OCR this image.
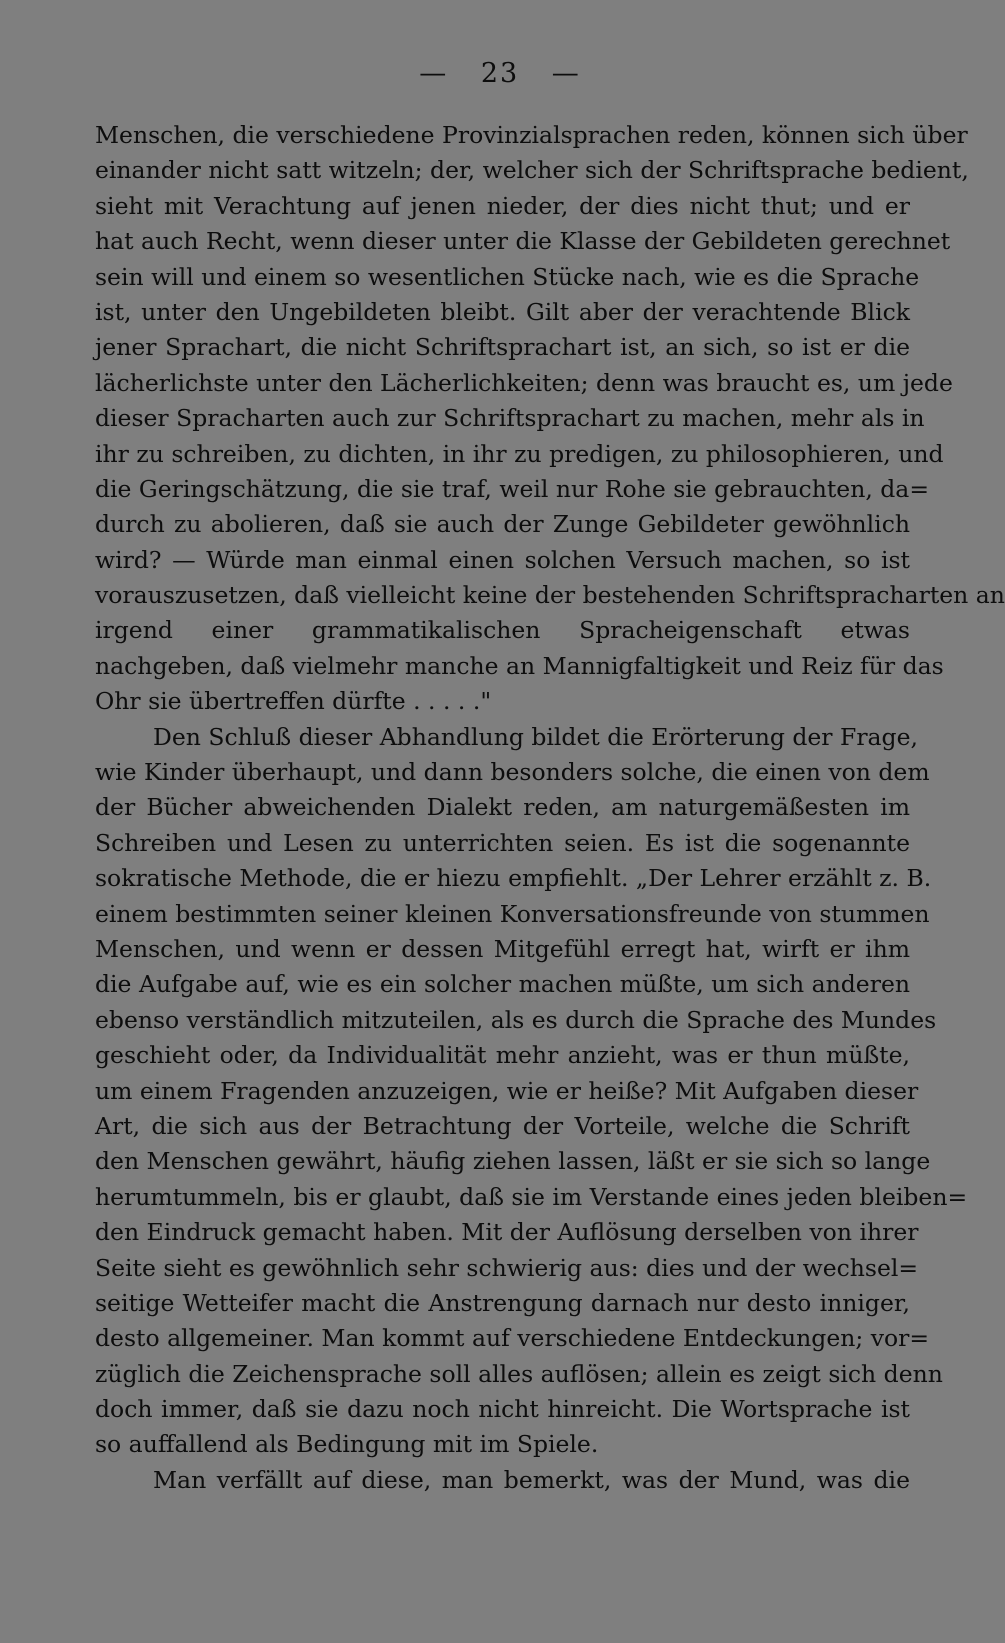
— 23 —
Menschen, die verschiedene Provinzialsprachen reden, können sich über
einander nicht satt witzeln; der, welcher sich der Schriftsprache bedient,
sieht mit Verachtung auf jenen nieder, der dies nicht thut; und er
hat auch Recht, wenn dieser unter die Klasse der Gebildeten gerechnet
sein will und einem so wesentlichen Stücke nach, wie es die Sprache
ist, unter den Ungebildeten bleibt. Gilt aber der verachtende Blick
jener Sprachart, die nicht Schriftsprachart ist, an sich, so ist er die
lächerlichste unter den Lächerlichkeiten; denn was braucht es, um jede
dieser Spracharten auch zur Schriftsprachart zu machen, mehr als in
ihr zu schreiben, zu dichten, in ihr zu predigen, zu philosophieren, und
die Geringschätzung, die sie traf, weil nur Rohe sie gebrauchten, da=
durch zu abolieren, daß sie auch der Zunge Gebildeter gewöhnlich
wird? — Würde man einmal einen solchen Versuch machen, so ist
vorauszusetzen, daß vielleicht keine der bestehenden Schriftspracharten an
irgend einer grammatikalischen Spracheigenschaft etwas
nachgeben, daß vielmehr manche an Mannigfaltigkeit und Reiz für das
Ohr sie übertreffen dürfte . . . . ."
Den Schluß dieser Abhandlung bildet die Erörterung der Frage,
wie Kinder überhaupt, und dann besonders solche, die einen von dem
der Bücher abweichenden Dialekt reden, am naturgemäßesten im
Schreiben und Lesen zu unterrichten seien. Es ist die sogenannte
sokratische Methode, die er hiezu empfiehlt. „Der Lehrer erzählt z. B.
einem bestimmten seiner kleinen Konversationsfreunde von stummen
Menschen, und wenn er dessen Mitgefühl erregt hat, wirft er ihm
die Aufgabe auf, wie es ein solcher machen müßte, um sich anderen
ebenso verständlich mitzuteilen, als es durch die Sprache des Mundes
geschieht oder, da Individualität mehr anzieht, was er thun müßte,
um einem Fragenden anzuzeigen, wie er heiße? Mit Aufgaben dieser
Art, die sich aus der Betrachtung der Vorteile, welche die Schrift
den Menschen gewährt, häufig ziehen lassen, läßt er sie sich so lange
herumtummeln, bis er glaubt, daß sie im Verstande eines jeden bleiben=
den Eindruck gemacht haben. Mit der Auflösung derselben von ihrer
Seite sieht es gewöhnlich sehr schwierig aus: dies und der wechsel=
seitige Wetteifer macht die Anstrengung darnach nur desto inniger,
desto allgemeiner. Man kommt auf verschiedene Entdeckungen; vor=
züglich die Zeichensprache soll alles auflösen; allein es zeigt sich denn
doch immer, daß sie dazu noch nicht hinreicht. Die Wortsprache ist
so auffallend als Bedingung mit im Spiele.
Man verfällt auf diese, man bemerkt, was der Mund, was die
